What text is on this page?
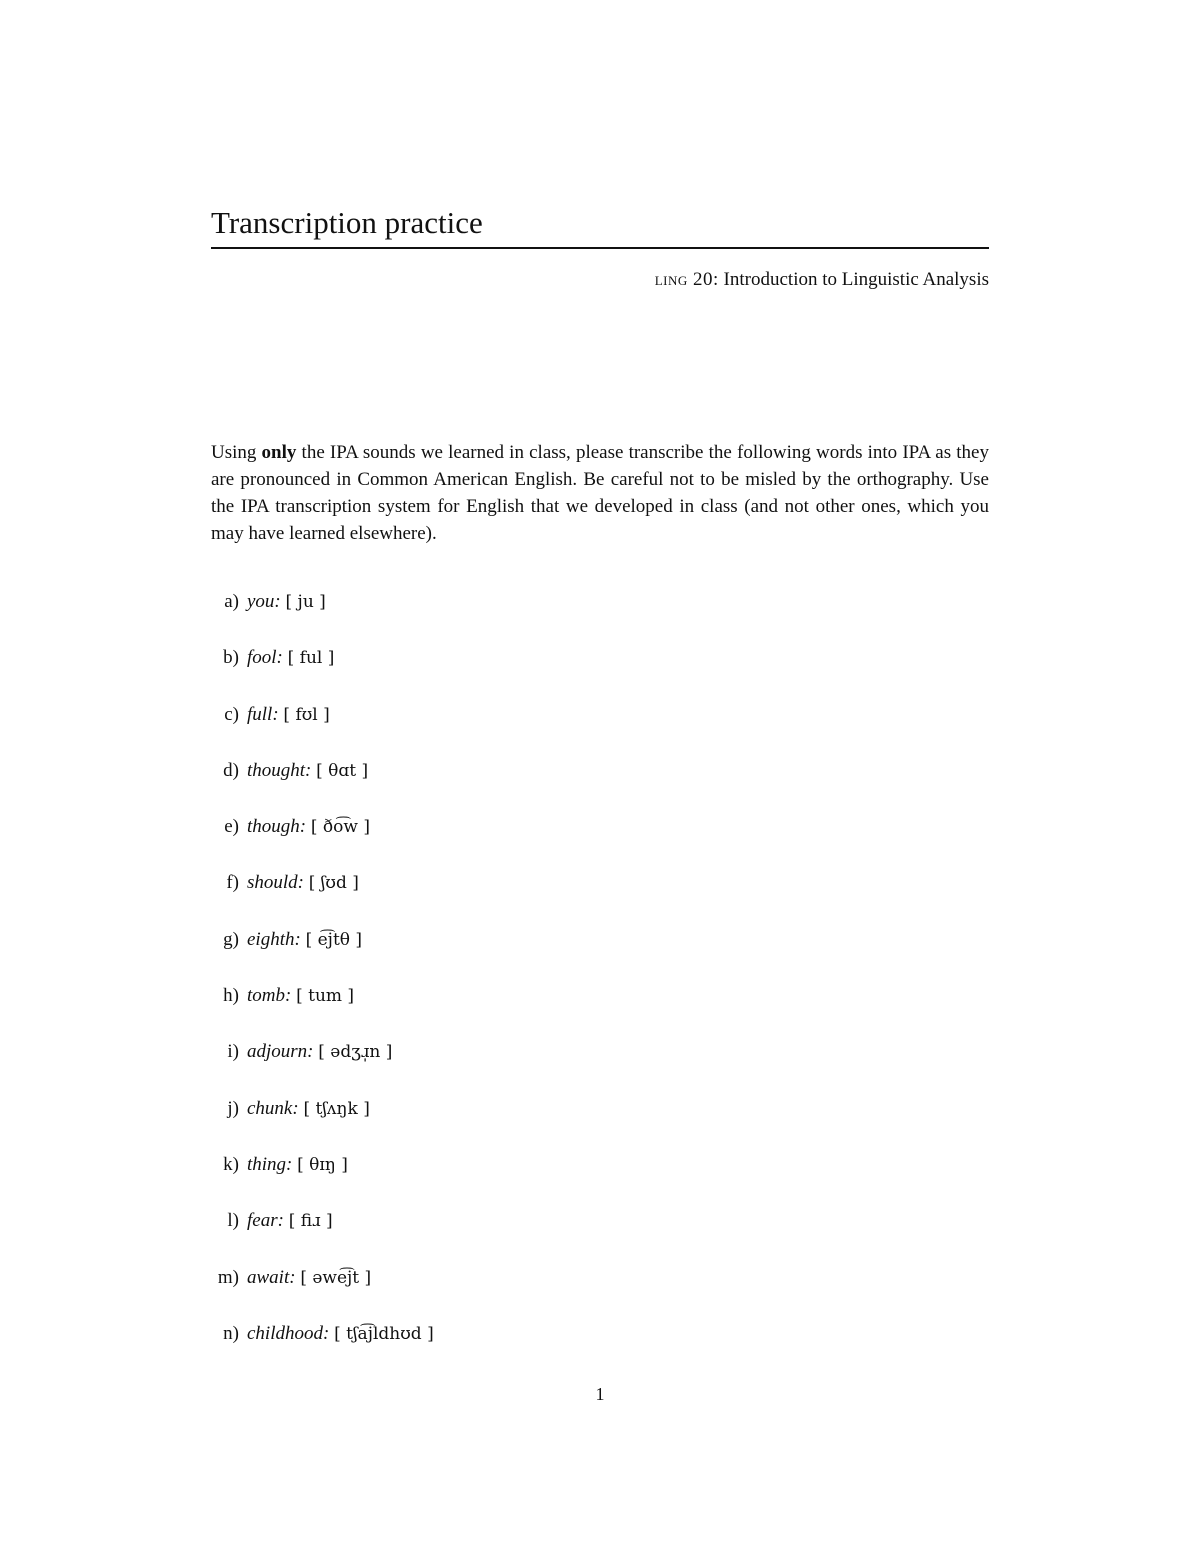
Transcription practice
ling 20: Introduction to Linguistic Analysis

Using only the IPA sounds we learned in class, please transcribe the following words into IPA as they are pronounced in Common American English. Be careful not to be misled by the orthography. Use the IPA transcription system for English that we developed in class (and not other ones, which you may have learned elsewhere).

a) you: [ ju ]
b) fool: [ ful ]
c) full: [ fʊl ]
d) thought: [ θɑt ]
e) though: [ ðo͡w ]
f) should: [ ʃʊd ]
g) eighth: [ e͡jtθ ]
h) tomb: [ tum ]
i) adjourn: [ ədʒɹ̩n ]
j) chunk: [ tʃʌŋk ]
k) thing: [ θɪŋ ]
l) fear: [ fiɹ ]
m) await: [ əwe͡jt ]
n) childhood: [ tʃa͡jldhʊd ]
1
